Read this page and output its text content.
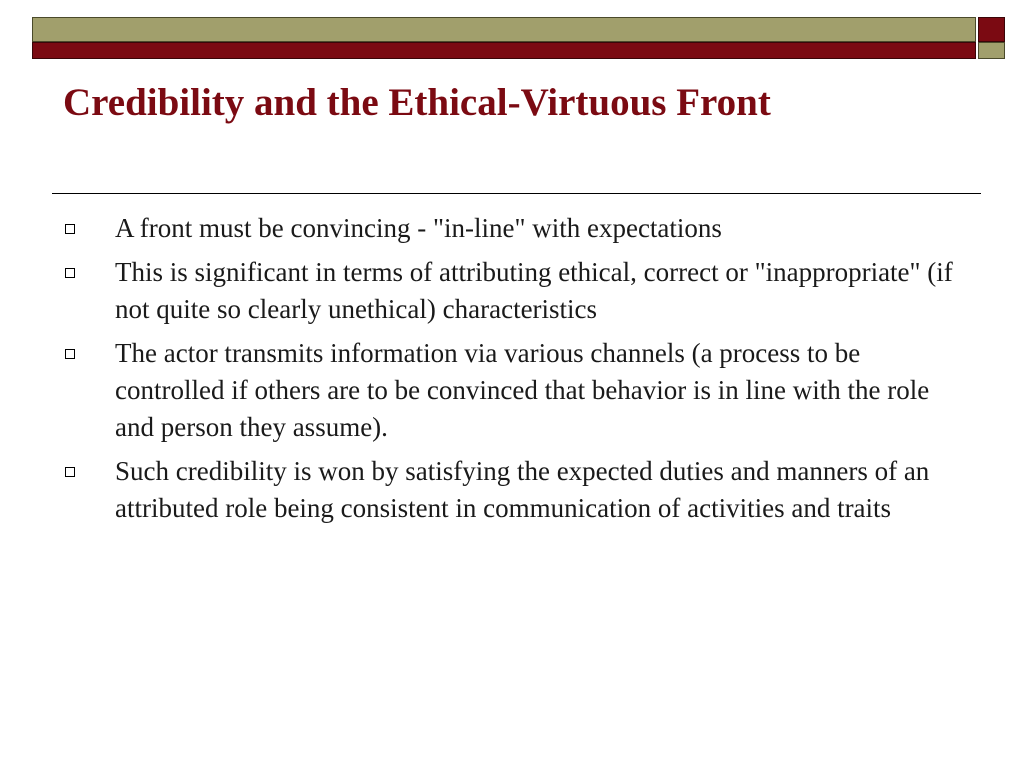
Credibility and the Ethical-Virtuous Front
A front must be convincing - "in-line" with expectations
This is significant in terms of attributing ethical, correct or "inappropriate" (if not quite so clearly unethical) characteristics
The actor transmits information via various channels (a process to be controlled if others are to be convinced that behavior is in line with the role and person they assume).
Such credibility is won by satisfying the expected duties and manners of an attributed role being consistent in communication of activities and traits
